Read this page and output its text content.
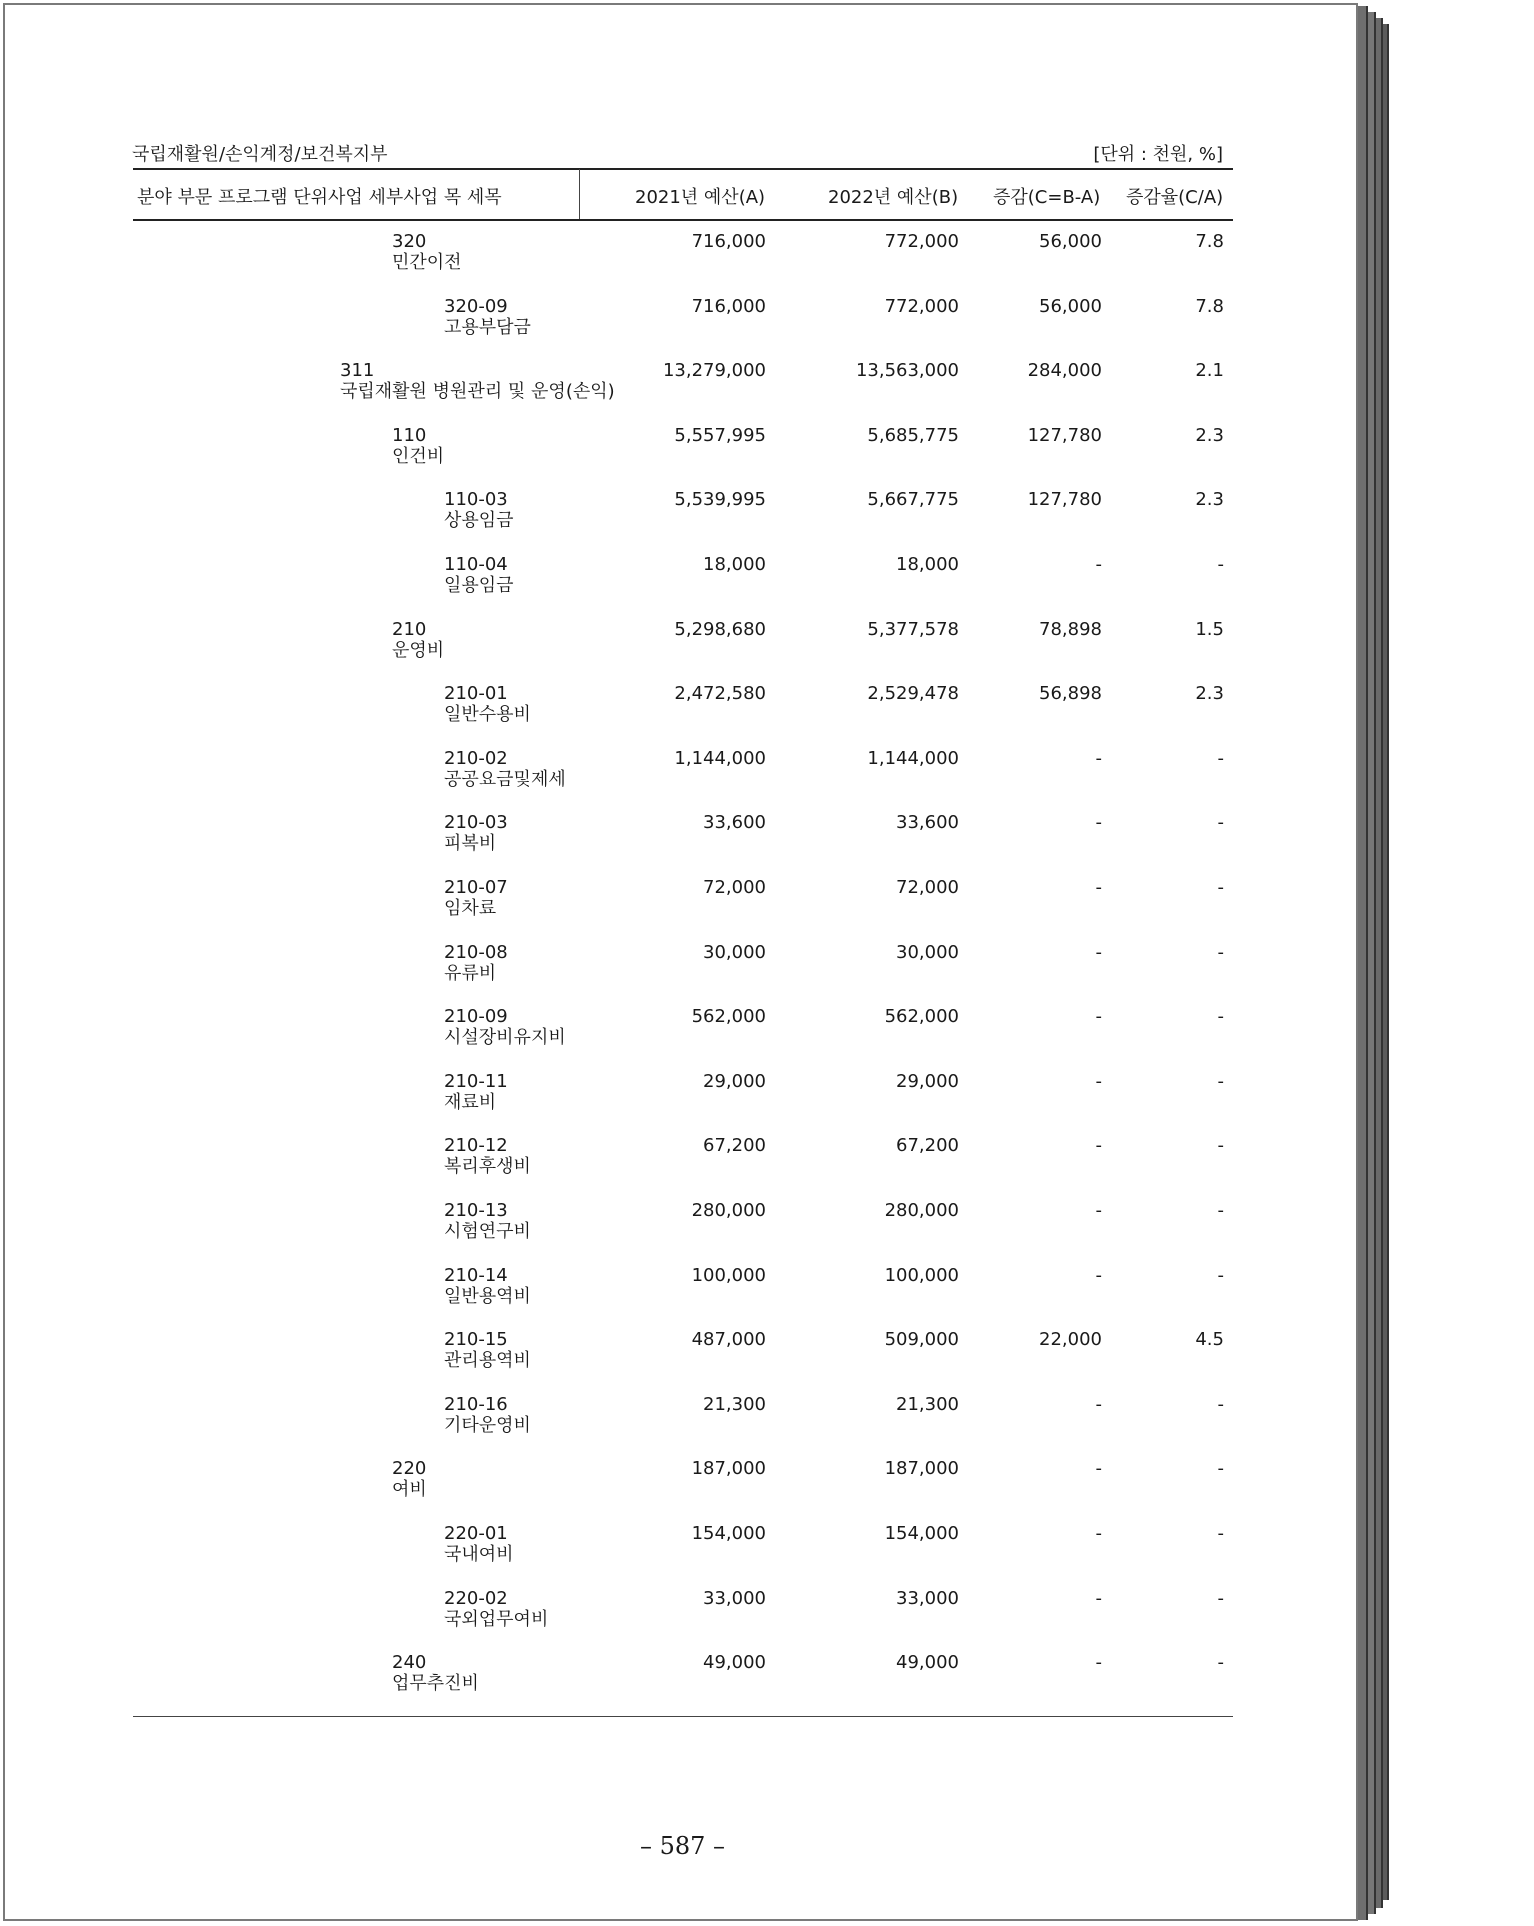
국립재활원/손익계정/보건복지부	[단위 : 천원, %]
분야 부문 프로그램 단위사업 세부사업 목 세목	2021년 예산(A)	2022년 예산(B) 증감(C=B-A) 증감율(C/A)
320
민간이전
716,000	772,000	56,000	7.8
320-09
고용부담금
716,000	772,000	56,000	7.8
311
국립재활원 병원관리 및 운영(손익)
13,279,000	13,563,000	284,000	2.1
110
인건비
5,557,995	5,685,775	127,780	2.3
110-03
상용임금
5,539,995	5,667,775	127,780	2.3
110-04
일용임금
18,000	18,000	-	-
210
운영비
5,298,680	5,377,578	78,898	1.5
210-01
일반수용비
2,472,580	2,529,478	56,898	2.3
210-02
공공요금및제세
1,144,000	1,144,000	-	-
210-03
피복비
33,600	33,600	-	-
210-07
임차료
72,000	72,000	-	-
210-08
유류비
30,000	30,000	-	-
210-09
시설장비유지비
562,000	562,000	-	-
210-11
재료비
29,000	29,000	-	-
210-12
복리후생비
67,200	67,200	-	-
210-13
시험연구비
280,000	280,000	-	-
210-14
일반용역비
100,000	100,000	-	-
210-15
관리용역비
487,000	509,000	22,000	4.5
210-16
기타운영비
21,300	21,300	-	-
220
여비
187,000	187,000	-	-
220-01
국내여비
154,000	154,000	-	-
220-02
국외업무여비
33,000	33,000	-	-
240
업무추진비
49,000	49,000	-	-
– 587 –
